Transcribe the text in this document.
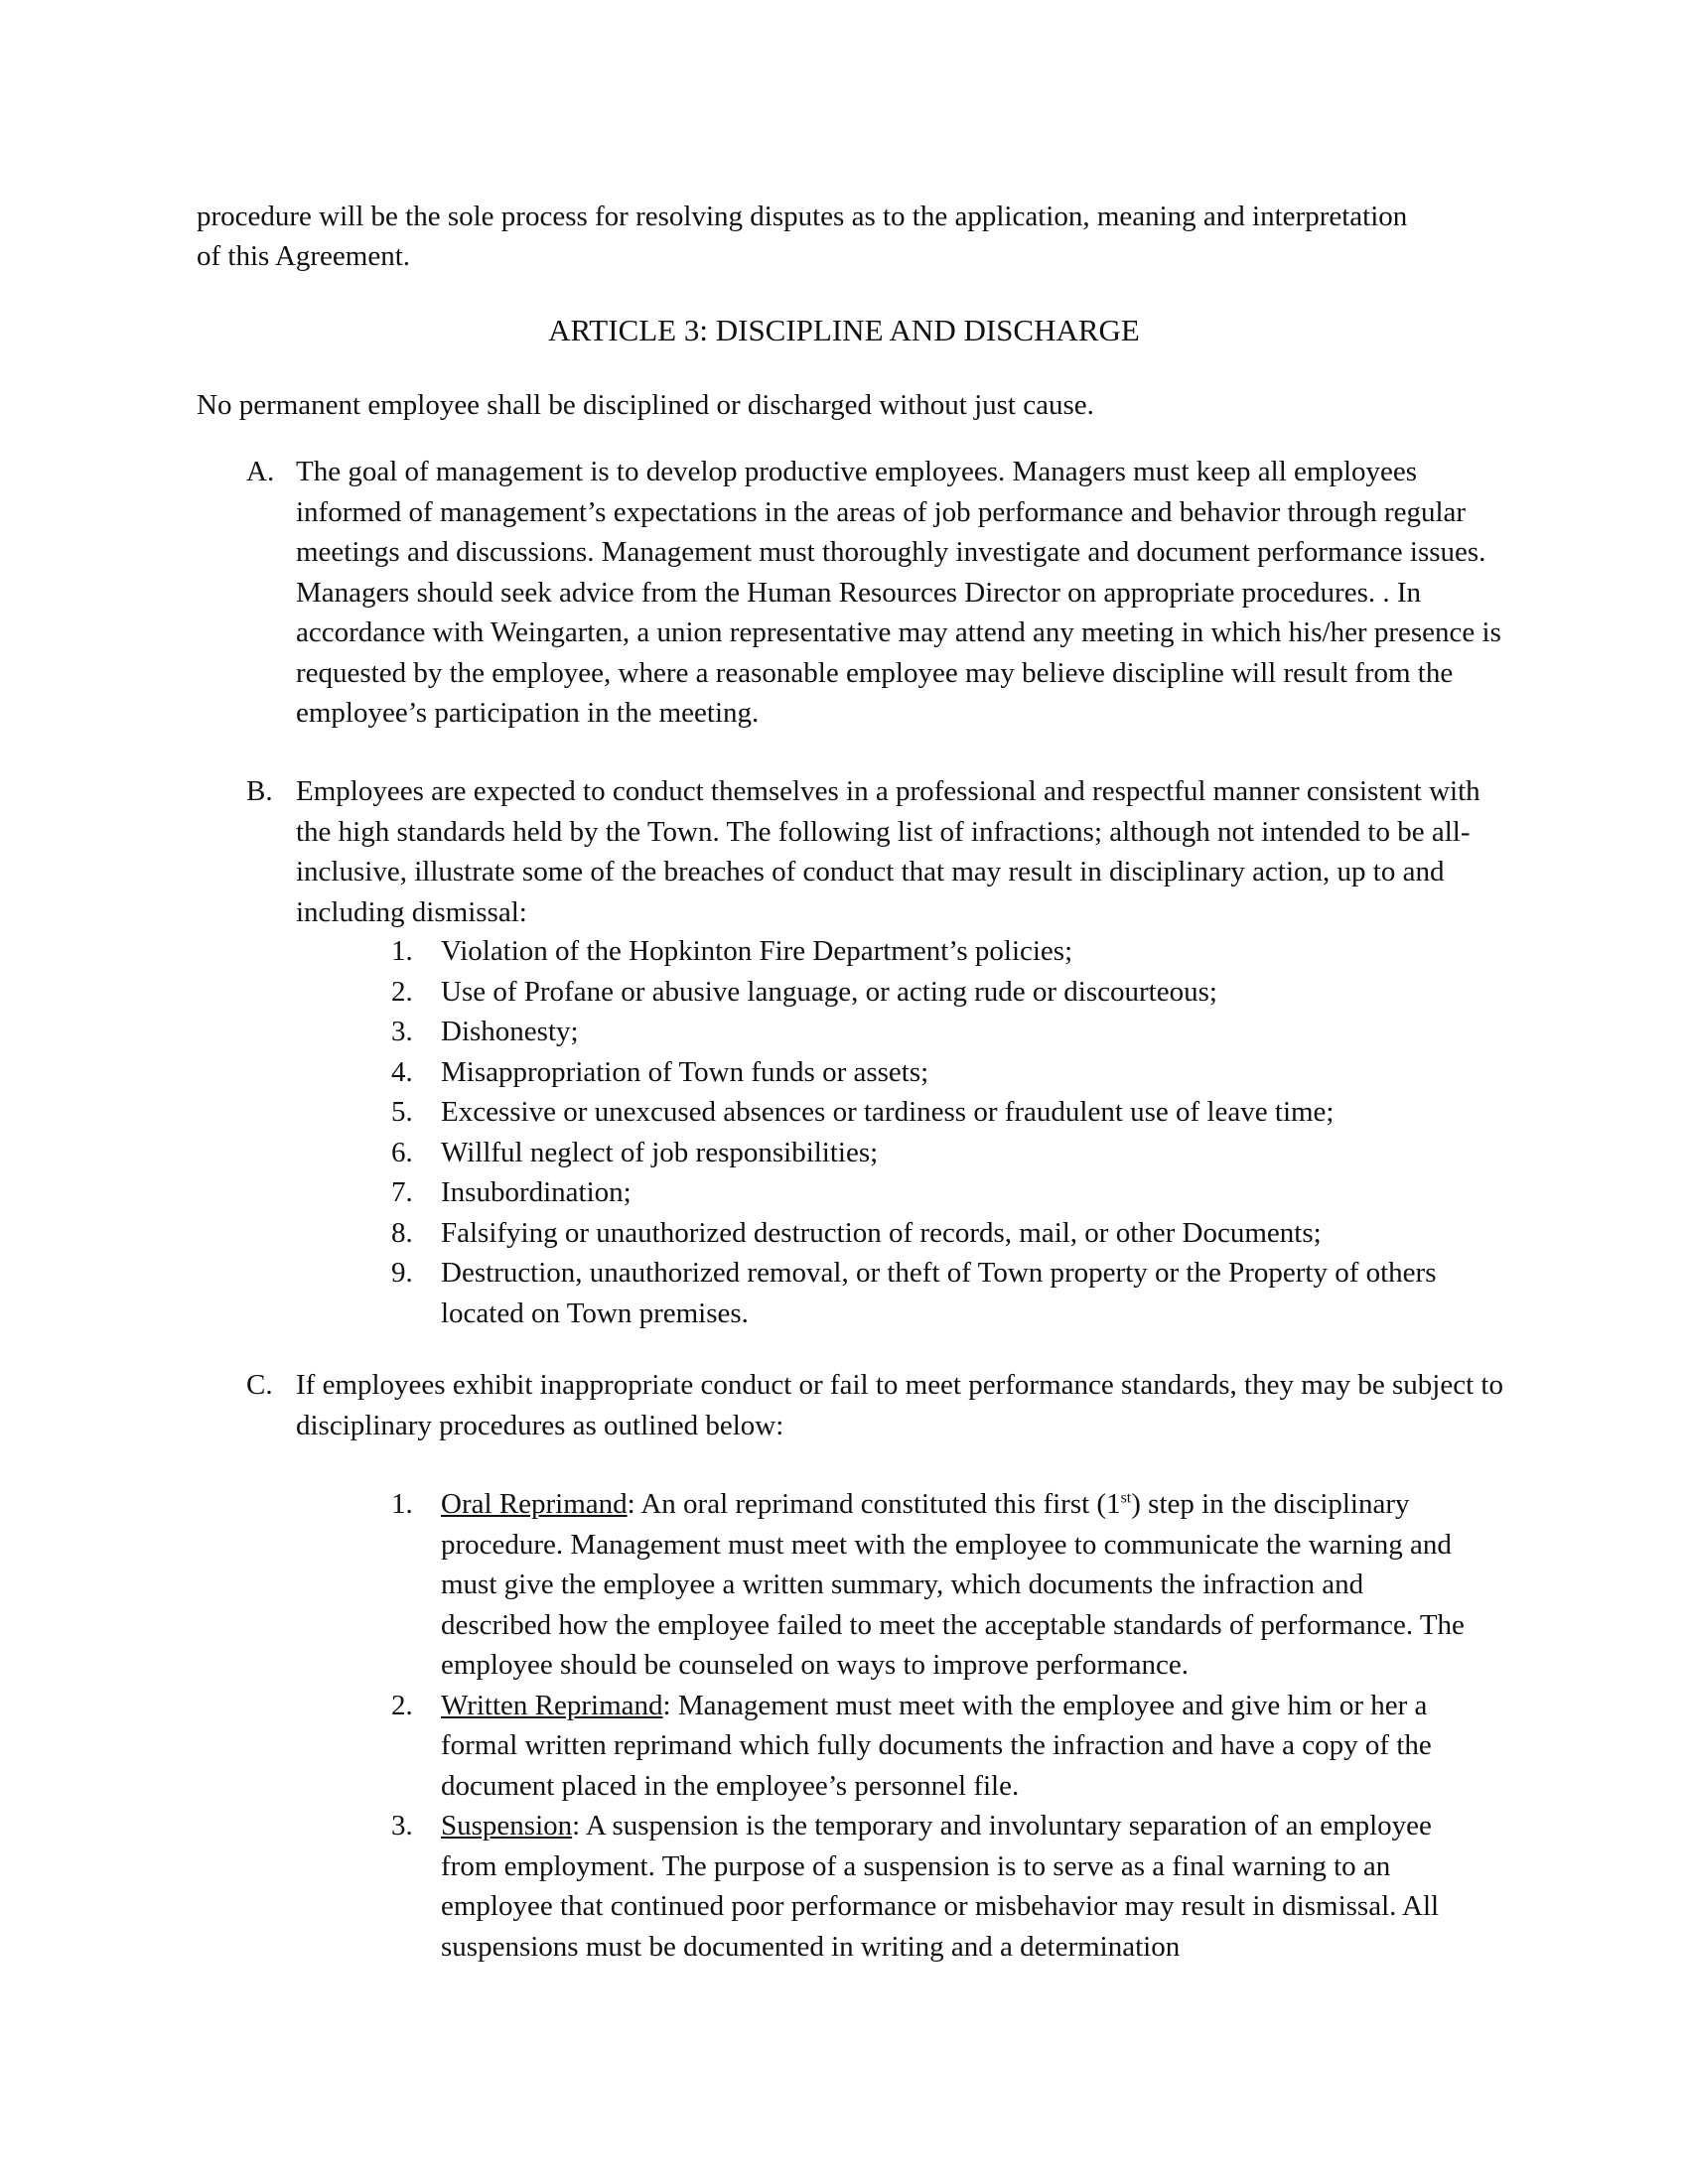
procedure will be the sole process for resolving disputes as to the application, meaning and interpretation

of this Agreement.

ARTICLE 3: DISCIPLINE AND DISCHARGE

No permanent employee shall be disciplined or discharged without just cause.

A. The goal of management is to develop productive employees. Managers must keep all employees informed of management’s expectations in the areas of job performance and behavior through regular meetings and discussions. Management must thoroughly investigate and document performance issues. Managers should seek advice from the Human Resources Director on appropriate procedures. . In accordance with Weingarten, a union representative may attend any meeting in which his/her presence is requested by the employee, where a reasonable employee may believe discipline will result from the employee’s participation in the meeting.

B. Employees are expected to conduct themselves in a professional and respectful manner consistent with the high standards held by the Town. The following list of infractions; although not intended to be all-inclusive, illustrate some of the breaches of conduct that may result in disciplinary action, up to and including dismissal:

1. Violation of the Hopkinton Fire Department’s policies;
2. Use of Profane or abusive language, or acting rude or discourteous;
3. Dishonesty;
4. Misappropriation of Town funds or assets;
5. Excessive or unexcused absences or tardiness or fraudulent use of leave time;
6. Willful neglect of job responsibilities;
7. Insubordination;
8. Falsifying or unauthorized destruction of records, mail, or other Documents;
9. Destruction, unauthorized removal, or theft of Town property or the Property of others located on Town premises.
C. If employees exhibit inappropriate conduct or fail to meet performance standards, they may be subject to disciplinary procedures as outlined below:

1. Oral Reprimand: An oral reprimand constituted this first (1st) step in the disciplinary procedure. Management must meet with the employee to communicate the warning and must give the employee a written summary, which documents the infraction and described how the employee failed to meet the acceptable standards of performance. The employee should be counseled on ways to improve performance.
2. Written Reprimand: Management must meet with the employee and give him or her a formal written reprimand which fully documents the infraction and have a copy of the document placed in the employee’s personnel file.
3. Suspension: A suspension is the temporary and involuntary separation of an employee from employment. The purpose of a suspension is to serve as a final warning to an employee that continued poor performance or misbehavior may result in dismissal. All suspensions must be documented in writing and a determination
